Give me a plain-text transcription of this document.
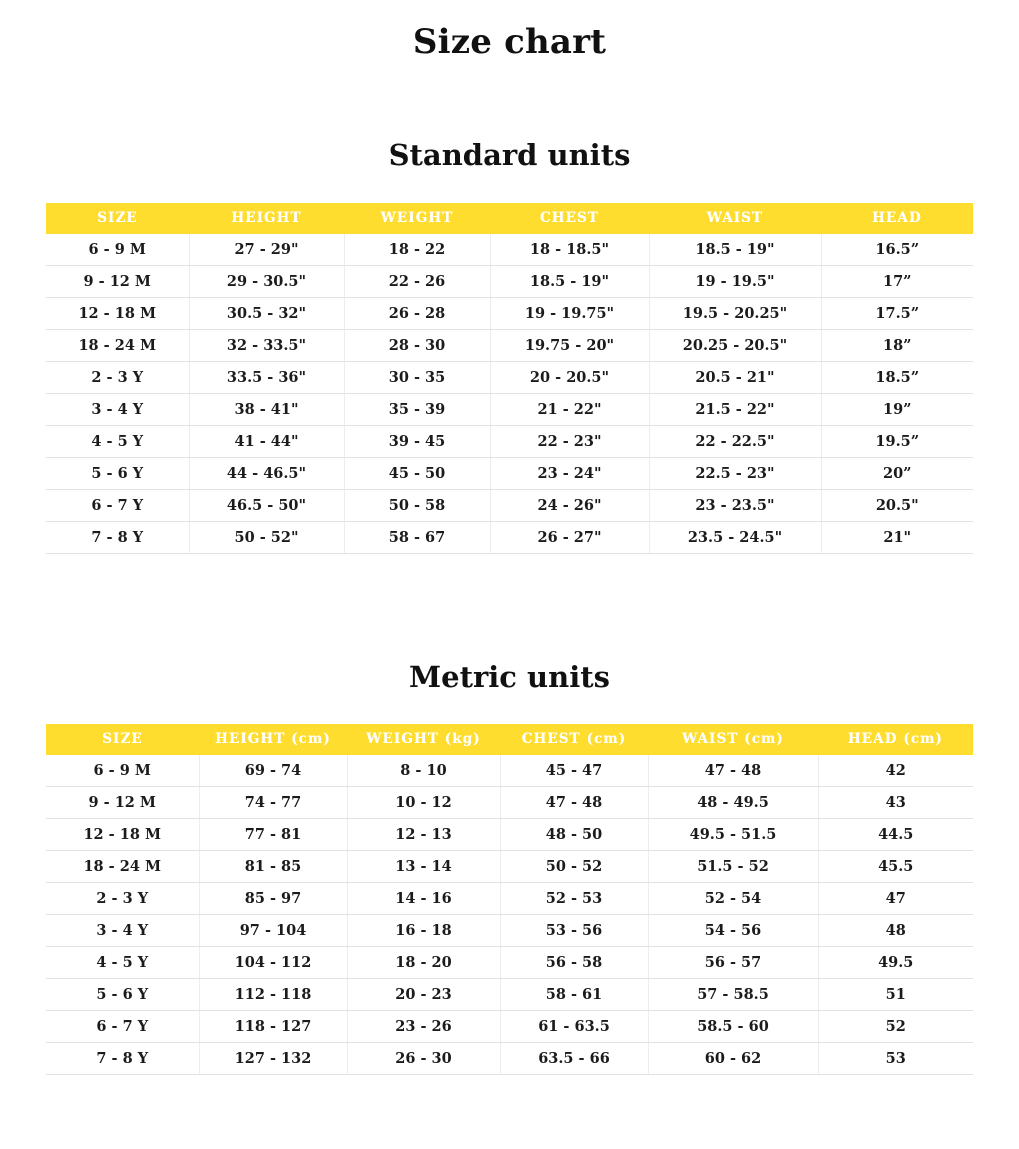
Size chart
Standard units
SIZE	HEIGHT	WEIGHT	CHEST	WAIST	HEAD
6 - 9 M	27 - 29"	18 - 22	18 - 18.5"	18.5 - 19"	16.5”
9 - 12 M	29 - 30.5"	22 - 26	18.5 - 19"	19 - 19.5"	17”
12 - 18 M	30.5 - 32"	26 - 28	19 - 19.75"	19.5 - 20.25"	17.5”
18 - 24 M	32 - 33.5"	28 - 30	19.75 - 20"	20.25 - 20.5"	18”
2 - 3 Y	33.5 - 36"	30 - 35	20 - 20.5"	20.5 - 21"	18.5”
3 - 4 Y	38 - 41"	35 - 39	21 - 22"	21.5 - 22"	19”
4 - 5 Y	41 - 44"	39 - 45	22 - 23"	22 - 22.5"	19.5”
5 - 6 Y	44 - 46.5"	45 - 50	23 - 24"	22.5 - 23"	20”
6 - 7 Y	46.5 - 50"	50 - 58	24 - 26"	23 - 23.5"	20.5"
7 - 8 Y	50 - 52"	58 - 67	26 - 27"	23.5 - 24.5"	21"
Metric units
SIZE	HEIGHT (cm)	WEIGHT (kg)	CHEST (cm)	WAIST (cm)	HEAD (cm)
6 - 9 M	69 - 74	8 - 10	45 - 47	47 - 48	42
9 - 12 M	74 - 77	10 - 12	47 - 48	48 - 49.5	43
12 - 18 M	77 - 81	12 - 13	48 - 50	49.5 - 51.5	44.5
18 - 24 M	81 - 85	13 - 14	50 - 52	51.5 - 52	45.5
2 - 3 Y	85 - 97	14 - 16	52 - 53	52 - 54	47
3 - 4 Y	97 - 104	16 - 18	53 - 56	54 - 56	48
4 - 5 Y	104 - 112	18 - 20	56 - 58	56 - 57	49.5
5 - 6 Y	112 - 118	20 - 23	58 - 61	57 - 58.5	51
6 - 7 Y	118 - 127	23 - 26	61 - 63.5	58.5 - 60	52
7 - 8 Y	127 - 132	26 - 30	63.5 - 66	60 - 62	53
